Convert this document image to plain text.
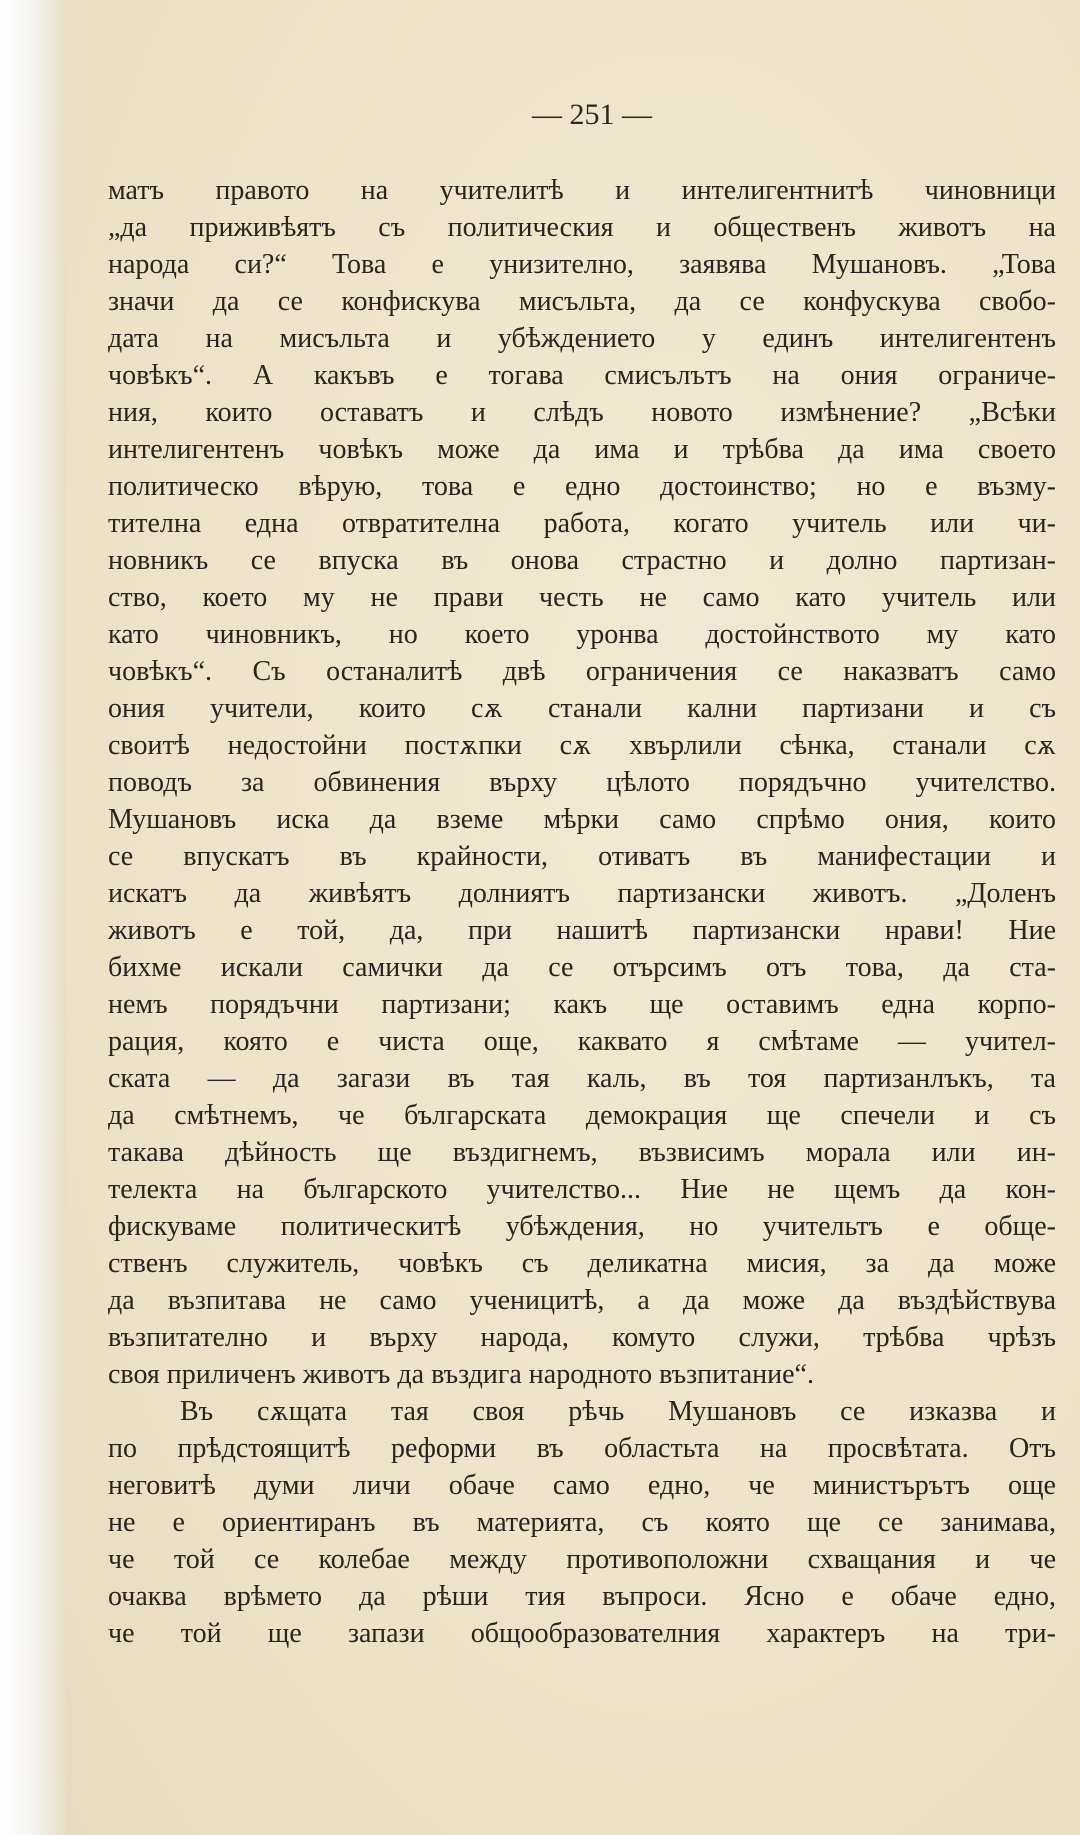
— 251 —
матъ правото на учителитѣ и интелигентнитѣ чиновници
„да приживѣятъ съ политическия и общественъ животъ на
народа си?“ Това е унизително, заявява Мушановъ. „Това
значи да се конфискува мисъльта, да се конфускува свобо-
дата на мисъльта и убѣждението у единъ интелигентенъ
човѣкъ“. А какъвъ е тогава смисълътъ на ония ограниче-
ния, които оставатъ и слѣдъ новото измѣнение? „Всѣки
интелигентенъ човѣкъ може да има и трѣбва да има своето
политическо вѣрую, това е едно достоинство; но е възму-
тителна една отвратителна работа, когато учитель или чи-
новникъ се впуска въ онова страстно и долно партизан-
ство, което му не прави честь не само като учитель или
като чиновникъ, но което уронва достойнството му като
човѣкъ“. Съ останалитѣ двѣ ограничения се наказватъ само
ония учители, които сѫ станали кални партизани и съ
своитѣ недостойни постѫпки сѫ хвърлили сѣнка, станали сѫ
поводъ за обвинения върху цѣлото порядъчно учителство.
Мушановъ иска да вземе мѣрки само спрѣмо ония, които
се впускатъ въ крайности, отиватъ въ манифестации и
искатъ да живѣятъ долниятъ партизански животъ. „Доленъ
животъ е той, да, при нашитѣ партизански нрави! Ние
бихме искали самички да се отърсимъ отъ това, да ста-
немъ порядъчни партизани; какъ ще оставимъ една корпо-
рация, която е чиста още, каквато я смѣтаме — учител-
ската — да загази въ тая каль, въ тоя партизанлъкъ, та
да смѣтнемъ, че българската демокрация ще спечели и съ
такава дѣйность ще въздигнемъ, възвисимъ морала или ин-
телекта на българското учителство... Ние не щемъ да кон-
фискуваме политическитѣ убѣждения, но учительтъ е обще-
ственъ служитель, човѣкъ съ деликатна мисия, за да може
да възпитава не само ученицитѣ, а да може да въздѣйствува
възпитателно и върху народа, комуто служи, трѣбва чрѣзъ
своя приличенъ животъ да въздига народното възпитание“.
Въ сѫщата тая своя рѣчь Мушановъ се изказва и
по прѣдстоящитѣ реформи въ областьта на просвѣтата. Отъ
неговитѣ думи личи обаче само едно, че министърътъ още
не е ориентиранъ въ материята, съ която ще се занимава,
че той се колебае между противоположни схващания и че
очаква врѣмето да рѣши тия въпроси. Ясно е обаче едно,
че той ще запази общообразователния характеръ на три-
